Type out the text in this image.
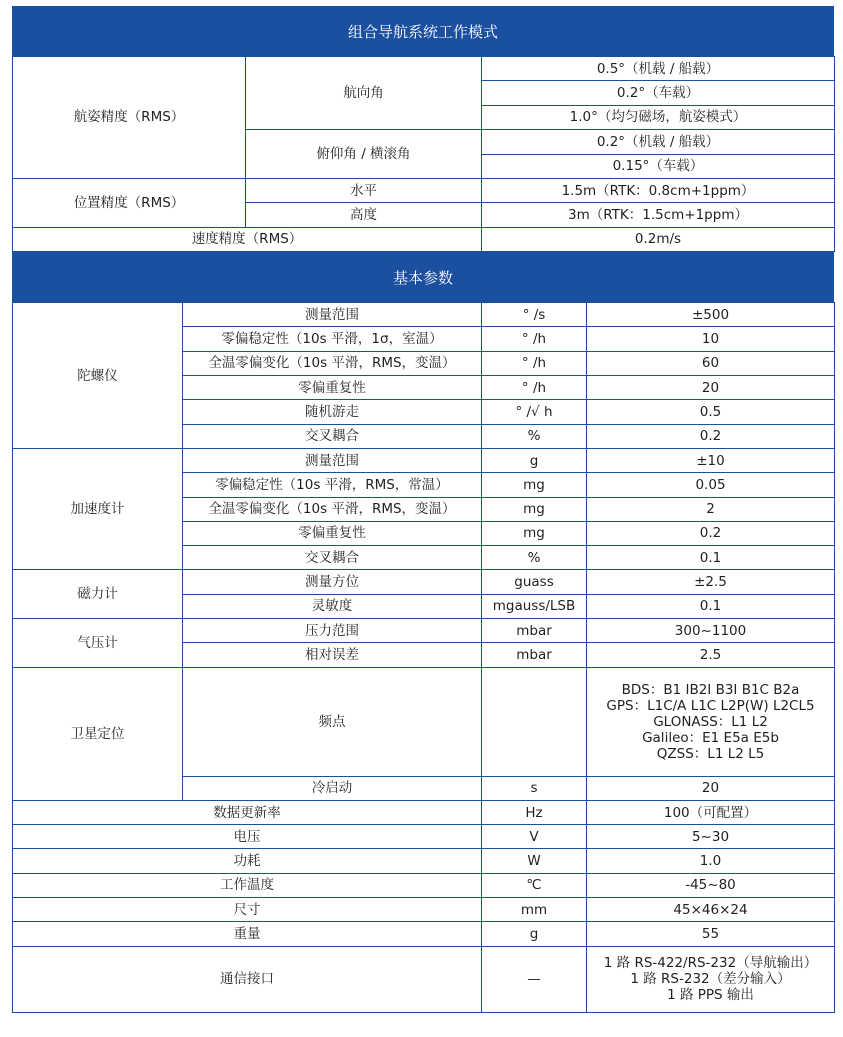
组合导航系统工作模式
航姿精度（RMS）	航向角	0.5°（机载 / 船载）
		0.2°（车载）
		1.0°（均匀磁场，航姿模式）
	俯仰角 / 横滚角	0.2°（机载 / 船载）
		0.15°（车载）
位置精度（RMS）	水平	1.5m（RTK：0.8cm+1ppm）
	高度	3m（RTK：1.5cm+1ppm）
速度精度（RMS）		0.2m/s
基本参数
陀螺仪	测量范围	° /s	±500
	零偏稳定性（10s 平滑，1σ，室温）	° /h	10
	全温零偏变化（10s 平滑，RMS，变温）	° /h	60
	零偏重复性	° /h	20
	随机游走	° /√ h	0.5
	交叉耦合	%	0.2
加速度计	测量范围	g	±10
	零偏稳定性（10s 平滑，RMS，常温）	mg	0.05
	全温零偏变化（10s 平滑，RMS，变温）	mg	2
	零偏重复性	mg	0.2
	交叉耦合	%	0.1
磁力计	测量方位	guass	±2.5
	灵敏度	mgauss/LSB	0.1
气压计	压力范围	mbar	300~1100
	相对误差	mbar	2.5
卫星定位	频点		BDS：B1 IB2I B3I B1C B2a
GPS：L1C/A L1C L2P(W) L2CL5
GLONASS：L1 L2
Galileo：E1 E5a E5b
QZSS：L1 L2 L5

	冷启动	s	20
数据更新率		Hz	100（可配置）
电压		V	5~30
功耗		W	1.0
工作温度		℃	-45~80
尺寸		mm	45×46×24
重量		g	55
通信接口		—	1 路 RS-422/RS-232（导航输出）
1 路 RS-232（差分输入）
1 路 PPS 输出
